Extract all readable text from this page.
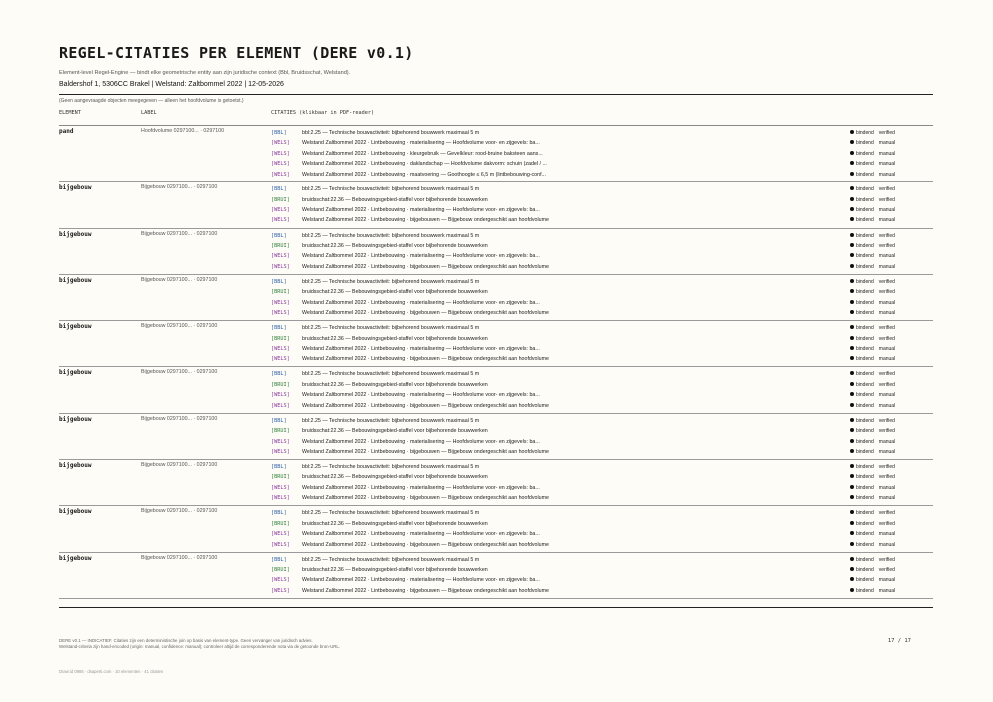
REGEL-CITATIES PER ELEMENT (DERE v0.1)
Element-level Regel-Engine — bindt elke geometrische entity aan zijn juridische context (Bbl, Bruidsschat, Welstand).
Baldershof 1, 5306CC Brakel | Welstand: Zaltbommel 2022 | 12-05-2026
(Geen aangevraagde objecten meegegeven — alleen het hoofdvolume is getoetst.)
ELEMENT	LABEL	CITATIES (klikbaar in PDF-reader)
pand	Hoofdvolume 0297100... · 0297100	[BBL]	bbl:2.25 — Technische bouwactiviteit: bijbehorend bouwwerk maximaal 5 m	bindend verified
[WELS] Welstand Zaltbommel 2022 · Lintbebouwing · materialisering — Hoofdvolume voor- en zijgevels: ba...	bindend manual
[WELS] Welstand Zaltbommel 2022 · Lintbebouwing · kleurgebruik — Gevelkleur: rood-bruine baksteen aans...	bindend manual
[WELS] Welstand Zaltbommel 2022 · Lintbebouwing · daklandschap — Hoofdvolume dakvorm: schuin (zadel / ...	bindend manual
[WELS] Welstand Zaltbommel 2022 · Lintbebouwing · maatvoering — Goothoogte ≤ 6,5 m (lintbebouwing-conf...	bindend manual
bijgebouw	Bijgebouw 0297100... · 0297100	[BBL]	bbl:2.25 — Technische bouwactiviteit: bijbehorend bouwwerk maximaal 5 m	bindend verified
[BRUI] bruidsschat:22.36 — Bebouwingsgebied-staffel voor bijbehorende bouwwerken	bindend verified
[WELS] Welstand Zaltbommel 2022 · Lintbebouwing · materialisering — Hoofdvolume voor- en zijgevels: ba...	bindend manual
[WELS] Welstand Zaltbommel 2022 · Lintbebouwing · bijgebouwen — Bijgebouw ondergeschikt aan hoofdvolume	bindend manual
bijgebouw	Bijgebouw 0297100... · 0297100	[BBL]	bbl:2.25 — Technische bouwactiviteit: bijbehorend bouwwerk maximaal 5 m	bindend verified
[BRUI] bruidsschat:22.36 — Bebouwingsgebied-staffel voor bijbehorende bouwwerken	bindend verified
[WELS] Welstand Zaltbommel 2022 · Lintbebouwing · materialisering — Hoofdvolume voor- en zijgevels: ba...	bindend manual
[WELS] Welstand Zaltbommel 2022 · Lintbebouwing · bijgebouwen — Bijgebouw ondergeschikt aan hoofdvolume	bindend manual
bijgebouw	Bijgebouw 0297100... · 0297100	[BBL]	bbl:2.25 — Technische bouwactiviteit: bijbehorend bouwwerk maximaal 5 m	bindend verified
[BRUI] bruidsschat:22.36 — Bebouwingsgebied-staffel voor bijbehorende bouwwerken	bindend verified
[WELS] Welstand Zaltbommel 2022 · Lintbebouwing · materialisering — Hoofdvolume voor- en zijgevels: ba...	bindend manual
[WELS] Welstand Zaltbommel 2022 · Lintbebouwing · bijgebouwen — Bijgebouw ondergeschikt aan hoofdvolume	bindend manual
bijgebouw	Bijgebouw 0297100... · 0297100	[BBL]	bbl:2.25 — Technische bouwactiviteit: bijbehorend bouwwerk maximaal 5 m	bindend verified
[BRUI] bruidsschat:22.36 — Bebouwingsgebied-staffel voor bijbehorende bouwwerken	bindend verified
[WELS] Welstand Zaltbommel 2022 · Lintbebouwing · materialisering — Hoofdvolume voor- en zijgevels: ba...	bindend manual
[WELS] Welstand Zaltbommel 2022 · Lintbebouwing · bijgebouwen — Bijgebouw ondergeschikt aan hoofdvolume	bindend manual
bijgebouw	Bijgebouw 0297100... · 0297100	[BBL]	bbl:2.25 — Technische bouwactiviteit: bijbehorend bouwwerk maximaal 5 m	bindend verified
[BRUI] bruidsschat:22.36 — Bebouwingsgebied-staffel voor bijbehorende bouwwerken	bindend verified
[WELS] Welstand Zaltbommel 2022 · Lintbebouwing · materialisering — Hoofdvolume voor- en zijgevels: ba...	bindend manual
[WELS] Welstand Zaltbommel 2022 · Lintbebouwing · bijgebouwen — Bijgebouw ondergeschikt aan hoofdvolume	bindend manual
bijgebouw	Bijgebouw 0297100... · 0297100	[BBL]	bbl:2.25 — Technische bouwactiviteit: bijbehorend bouwwerk maximaal 5 m	bindend verified
[BRUI] bruidsschat:22.36 — Bebouwingsgebied-staffel voor bijbehorende bouwwerken	bindend verified
[WELS] Welstand Zaltbommel 2022 · Lintbebouwing · materialisering — Hoofdvolume voor- en zijgevels: ba...	bindend manual
[WELS] Welstand Zaltbommel 2022 · Lintbebouwing · bijgebouwen — Bijgebouw ondergeschikt aan hoofdvolume	bindend manual
bijgebouw	Bijgebouw 0297100... · 0297100	[BBL]	bbl:2.25 — Technische bouwactiviteit: bijbehorend bouwwerk maximaal 5 m	bindend verified
[BRUI] bruidsschat:22.36 — Bebouwingsgebied-staffel voor bijbehorende bouwwerken	bindend verified
[WELS] Welstand Zaltbommel 2022 · Lintbebouwing · materialisering — Hoofdvolume voor- en zijgevels: ba...	bindend manual
[WELS] Welstand Zaltbommel 2022 · Lintbebouwing · bijgebouwen — Bijgebouw ondergeschikt aan hoofdvolume	bindend manual
bijgebouw	Bijgebouw 0297100... · 0297100	[BBL]	bbl:2.25 — Technische bouwactiviteit: bijbehorend bouwwerk maximaal 5 m	bindend verified
[BRUI] bruidsschat:22.36 — Bebouwingsgebied-staffel voor bijbehorende bouwwerken	bindend verified
[WELS] Welstand Zaltbommel 2022 · Lintbebouwing · materialisering — Hoofdvolume voor- en zijgevels: ba...	bindend manual
[WELS] Welstand Zaltbommel 2022 · Lintbebouwing · bijgebouwen — Bijgebouw ondergeschikt aan hoofdvolume	bindend manual
bijgebouw	Bijgebouw 0297100... · 0297100	[BBL]	bbl:2.25 — Technische bouwactiviteit: bijbehorend bouwwerk maximaal 5 m	bindend verified
[BRUI] bruidsschat:22.36 — Bebouwingsgebied-staffel voor bijbehorende bouwwerken	bindend verified
[WELS] Welstand Zaltbommel 2022 · Lintbebouwing · materialisering — Hoofdvolume voor- en zijgevels: ba...	bindend manual
[WELS] Welstand Zaltbommel 2022 · Lintbebouwing · bijgebouwen — Bijgebouw ondergeschikt aan hoofdvolume	bindend manual
DERE v0.1 — INDICATIEF. Citaties zijn een deterministische join op basis van element-type. Geen vervanger van juridisch advies.
Welstand-criteria zijn hand-encoded (origin: manual, confidence: manual); controleer altijd de corresponderende nota via de getoonde bron-URL.
17 / 17
Draw:id 0986 · dsaperti.com · 10 elementen · 41 citaties
